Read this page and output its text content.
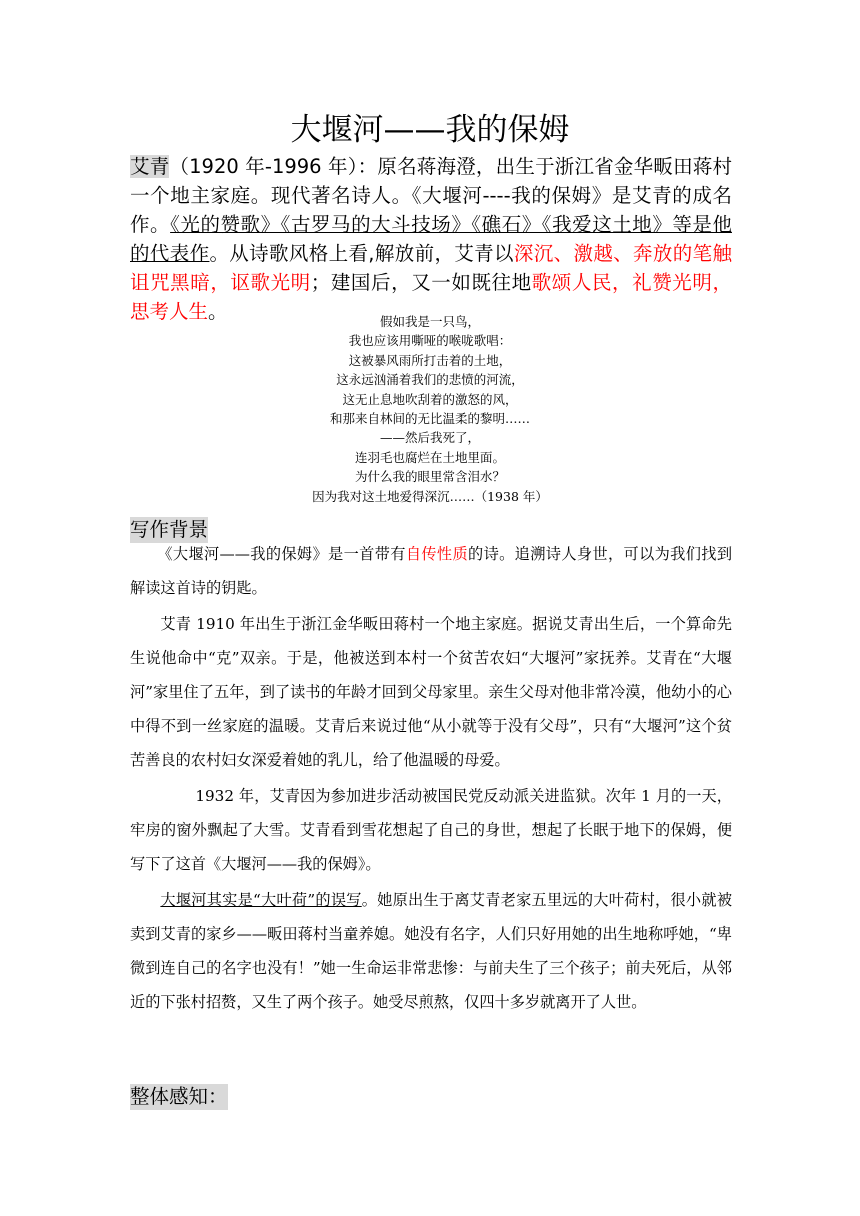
大堰河——我的保姆
艾青（1920 年-1996 年）：原名蒋海澄，出生于浙江省金华畈田蒋村一个地主家庭。现代著名诗人。《大堰河----我的保姆》是艾青的成名作。《光的赞歌》《古罗马的大斗技场》《礁石》《我爱这土地》等是他的代表作。从诗歌风格上看,解放前，艾青以深沉、激越、奔放的笔触诅咒黑暗，讴歌光明；建国后，又一如既往地歌颂人民，礼赞光明，思考人生。	假如我是一只鸟，
我也应该用嘶哑的喉咙歌唱：
这被暴风雨所打击着的土地，
这永远汹涌着我们的悲愤的河流，
这无止息地吹刮着的激怒的风，
和那来自林间的无比温柔的黎明……
——然后我死了，
连羽毛也腐烂在土地里面。
为什么我的眼里常含泪水？
因为我对这土地爱得深沉……（1938 年）
写作背景

《大堰河——我的保姆》是一首带有自传性质的诗。追溯诗人身世，可以为我们找到解读这首诗的钥匙。

艾青 1910 年出生于浙江金华畈田蒋村一个地主家庭。据说艾青出生后，一个算命先生说他命中“克”双亲。于是，他被送到本村一个贫苦农妇“大堰河”家抚养。艾青在“大堰河”家里住了五年，到了读书的年龄才回到父母家里。亲生父母对他非常冷漠，他幼小的心中得不到一丝家庭的温暖。艾青后来说过他“从小就等于没有父母”，只有“大堰河”这个贫苦善良的农村妇女深爱着她的乳儿，给了他温暖的母爱。

1932 年，艾青因为参加进步活动被国民党反动派关进监狱。次年 1 月的一天，牢房的窗外飘起了大雪。艾青看到雪花想起了自己的身世，想起了长眠于地下的保姆，便写下了这首《大堰河——我的保姆》。

大堰河其实是“大叶荷”的误写。她原出生于离艾青老家五里远的大叶荷村，很小就被卖到艾青的家乡——畈田蒋村当童养媳。她没有名字，人们只好用她的出生地称呼她，“卑微到连自己的名字也没有！”她一生命运非常悲惨：与前夫生了三个孩子；前夫死后，从邻近的下张村招赘，又生了两个孩子。她受尽煎熬，仅四十多岁就离开了人世。

整体感知：
